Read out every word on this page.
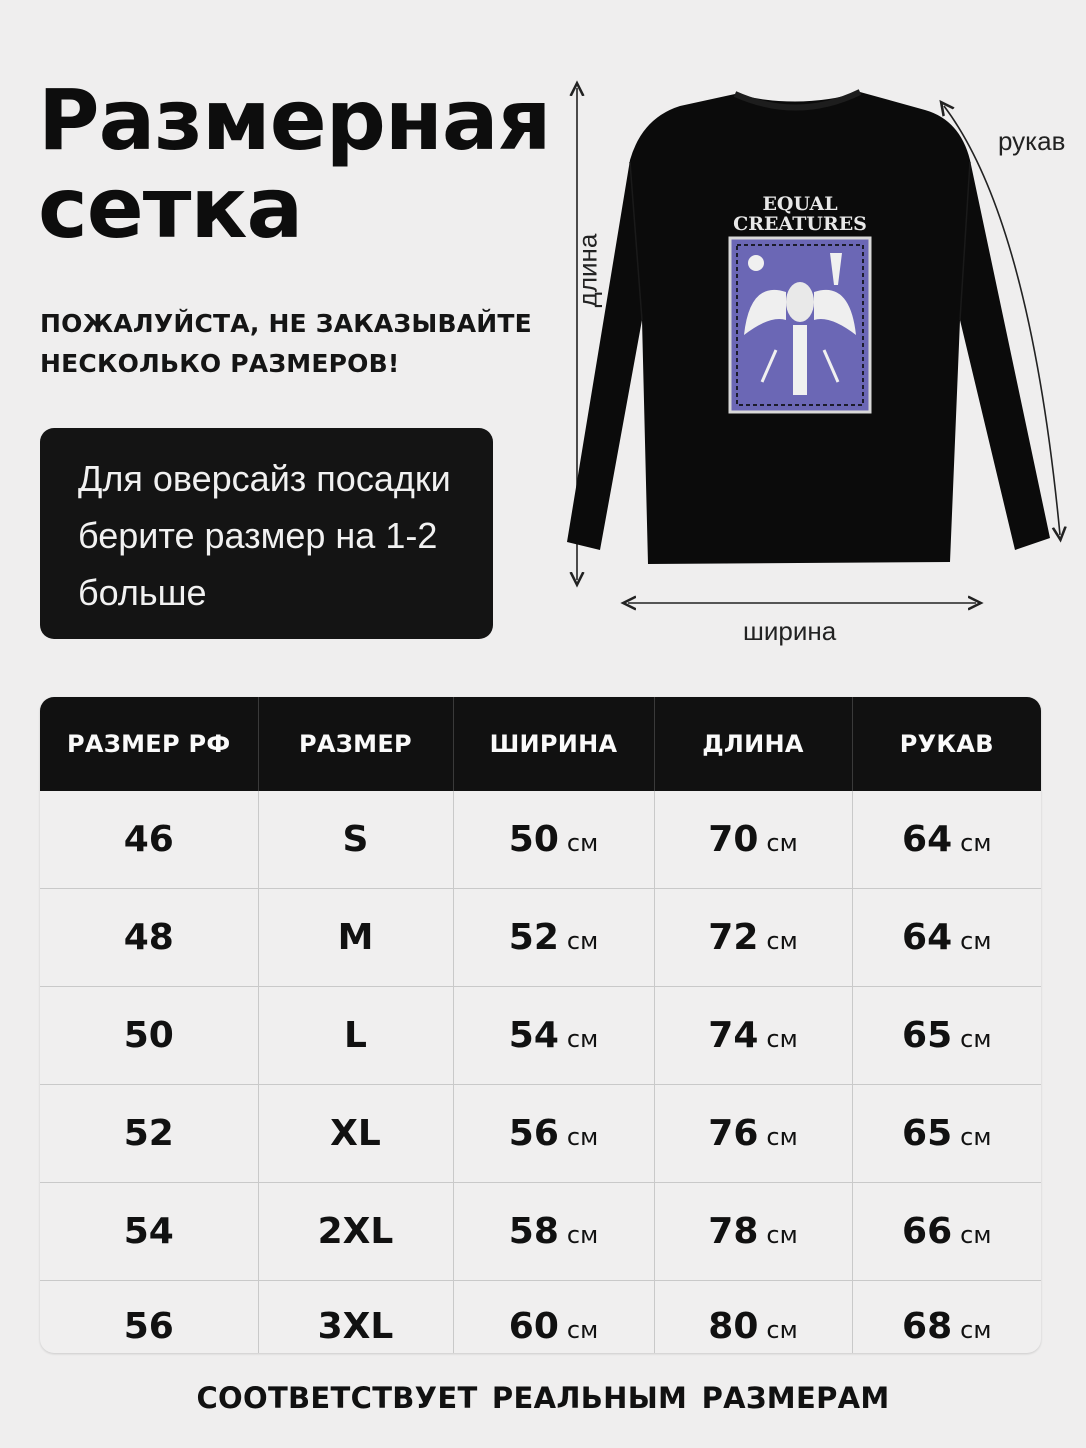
Размерная
сетка
ПОЖАЛУЙСТА, НЕ ЗАКАЗЫВАЙТЕ
НЕСКОЛЬКО РАЗМЕРОВ!
Для оверсайз посадки
берите размер на 1-2
больше
EQUAL
CREATURES
длина
рукав
ширина
РАЗМЕР РФ	РАЗМЕР	ШИРИНА	ДЛИНА	РУКАВ
46	S	50 см	70 см	64 см
48	M	52 см	72 см	64 см
50	L	54 см	74 см	65 см
52	XL	56 см	76 см	65 см
54	2XL	58 см	78 см	66 см
56	3XL	60 см	80 см	68 см
СООТВЕТСТВУЕТ РЕАЛЬНЫМ РАЗМЕРАМ
